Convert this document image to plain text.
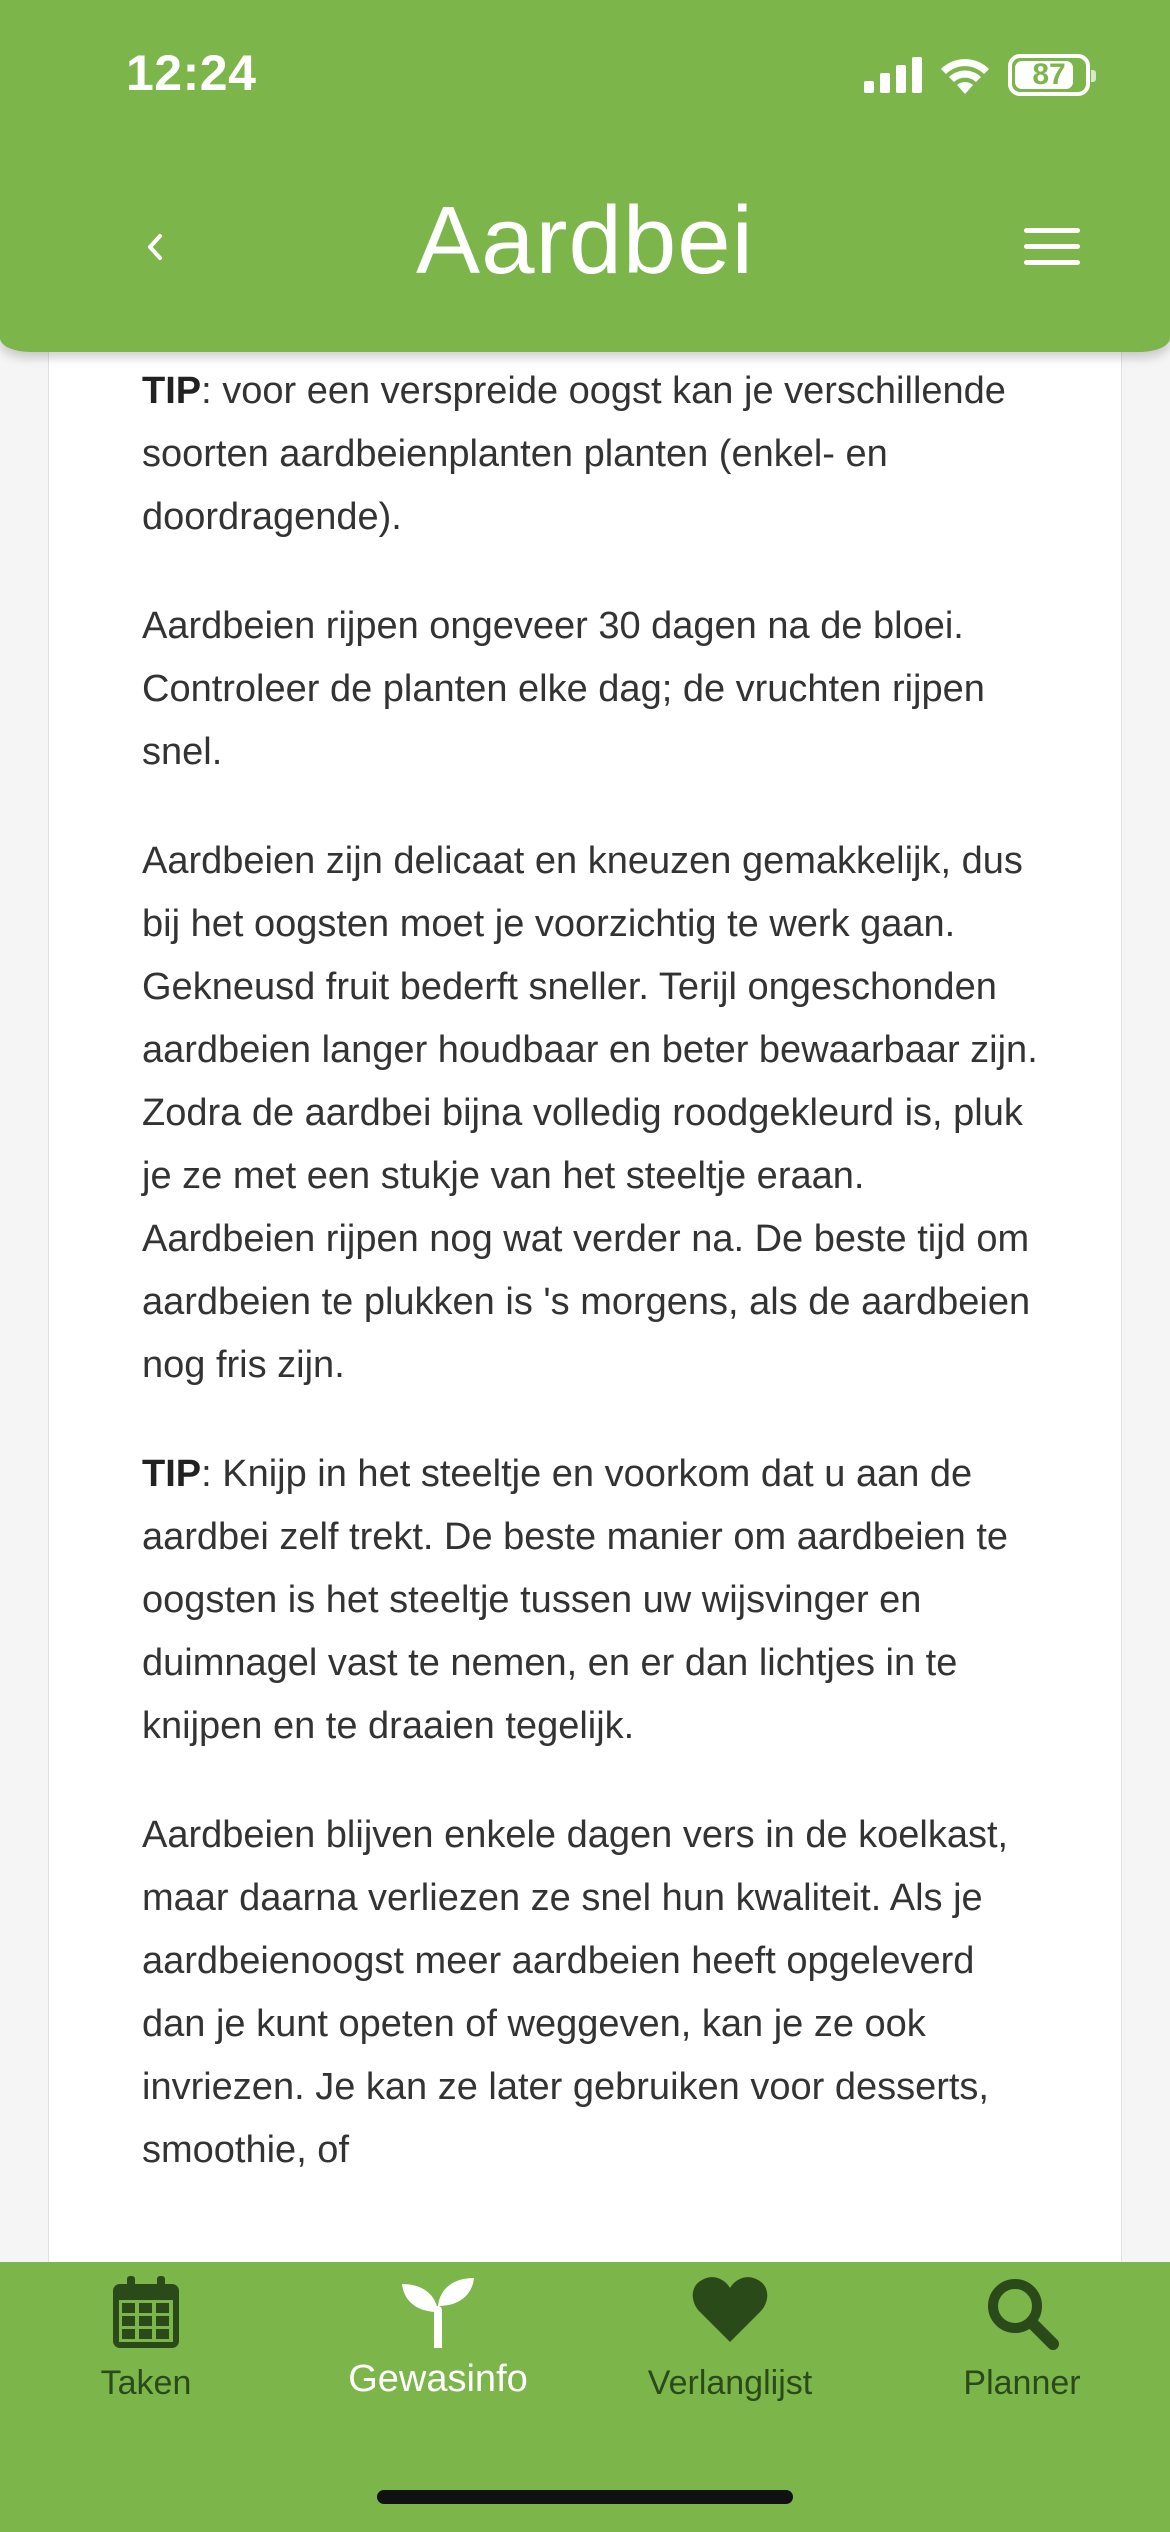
TIP: voor een verspreide oogst kan je verschillende soorten aardbeienplanten planten (enkel- en doordragende).

Aardbeien rijpen ongeveer 30 dagen na de bloei. Controleer de planten elke dag; de vruchten rijpen snel.

Aardbeien zijn delicaat en kneuzen gemakkelijk, dus bij het oogsten moet je voorzichtig te werk gaan. Gekneusd fruit bederft sneller. Terijl ongeschonden aardbeien langer houdbaar en beter bewaarbaar zijn. Zodra de aardbei bijna volledig roodgekleurd is, pluk je ze met een stukje van het steeltje eraan. Aardbeien rijpen nog wat verder na. De beste tijd om aardbeien te plukken is 's morgens, als de aardbeien nog fris zijn.

TIP: Knijp in het steeltje en voorkom dat u aan de aardbei zelf trekt. De beste manier om aardbeien te oogsten is het steeltje tussen uw wijsvinger en duimnagel vast te nemen, en er dan lichtjes in te knijpen en te draaien tegelijk.

Aardbeien blijven enkele dagen vers in de koelkast, maar daarna verliezen ze snel hun kwaliteit. Als je aardbeienoogst meer aardbeien heeft opgeleverd dan je kunt opeten of weggeven, kan je ze ook invriezen. Je kan ze later gebruiken voor desserts, smoothie, of

12:24	87
Aardbei
Taken	Gewasinfo	Verlanglijst	Planner
